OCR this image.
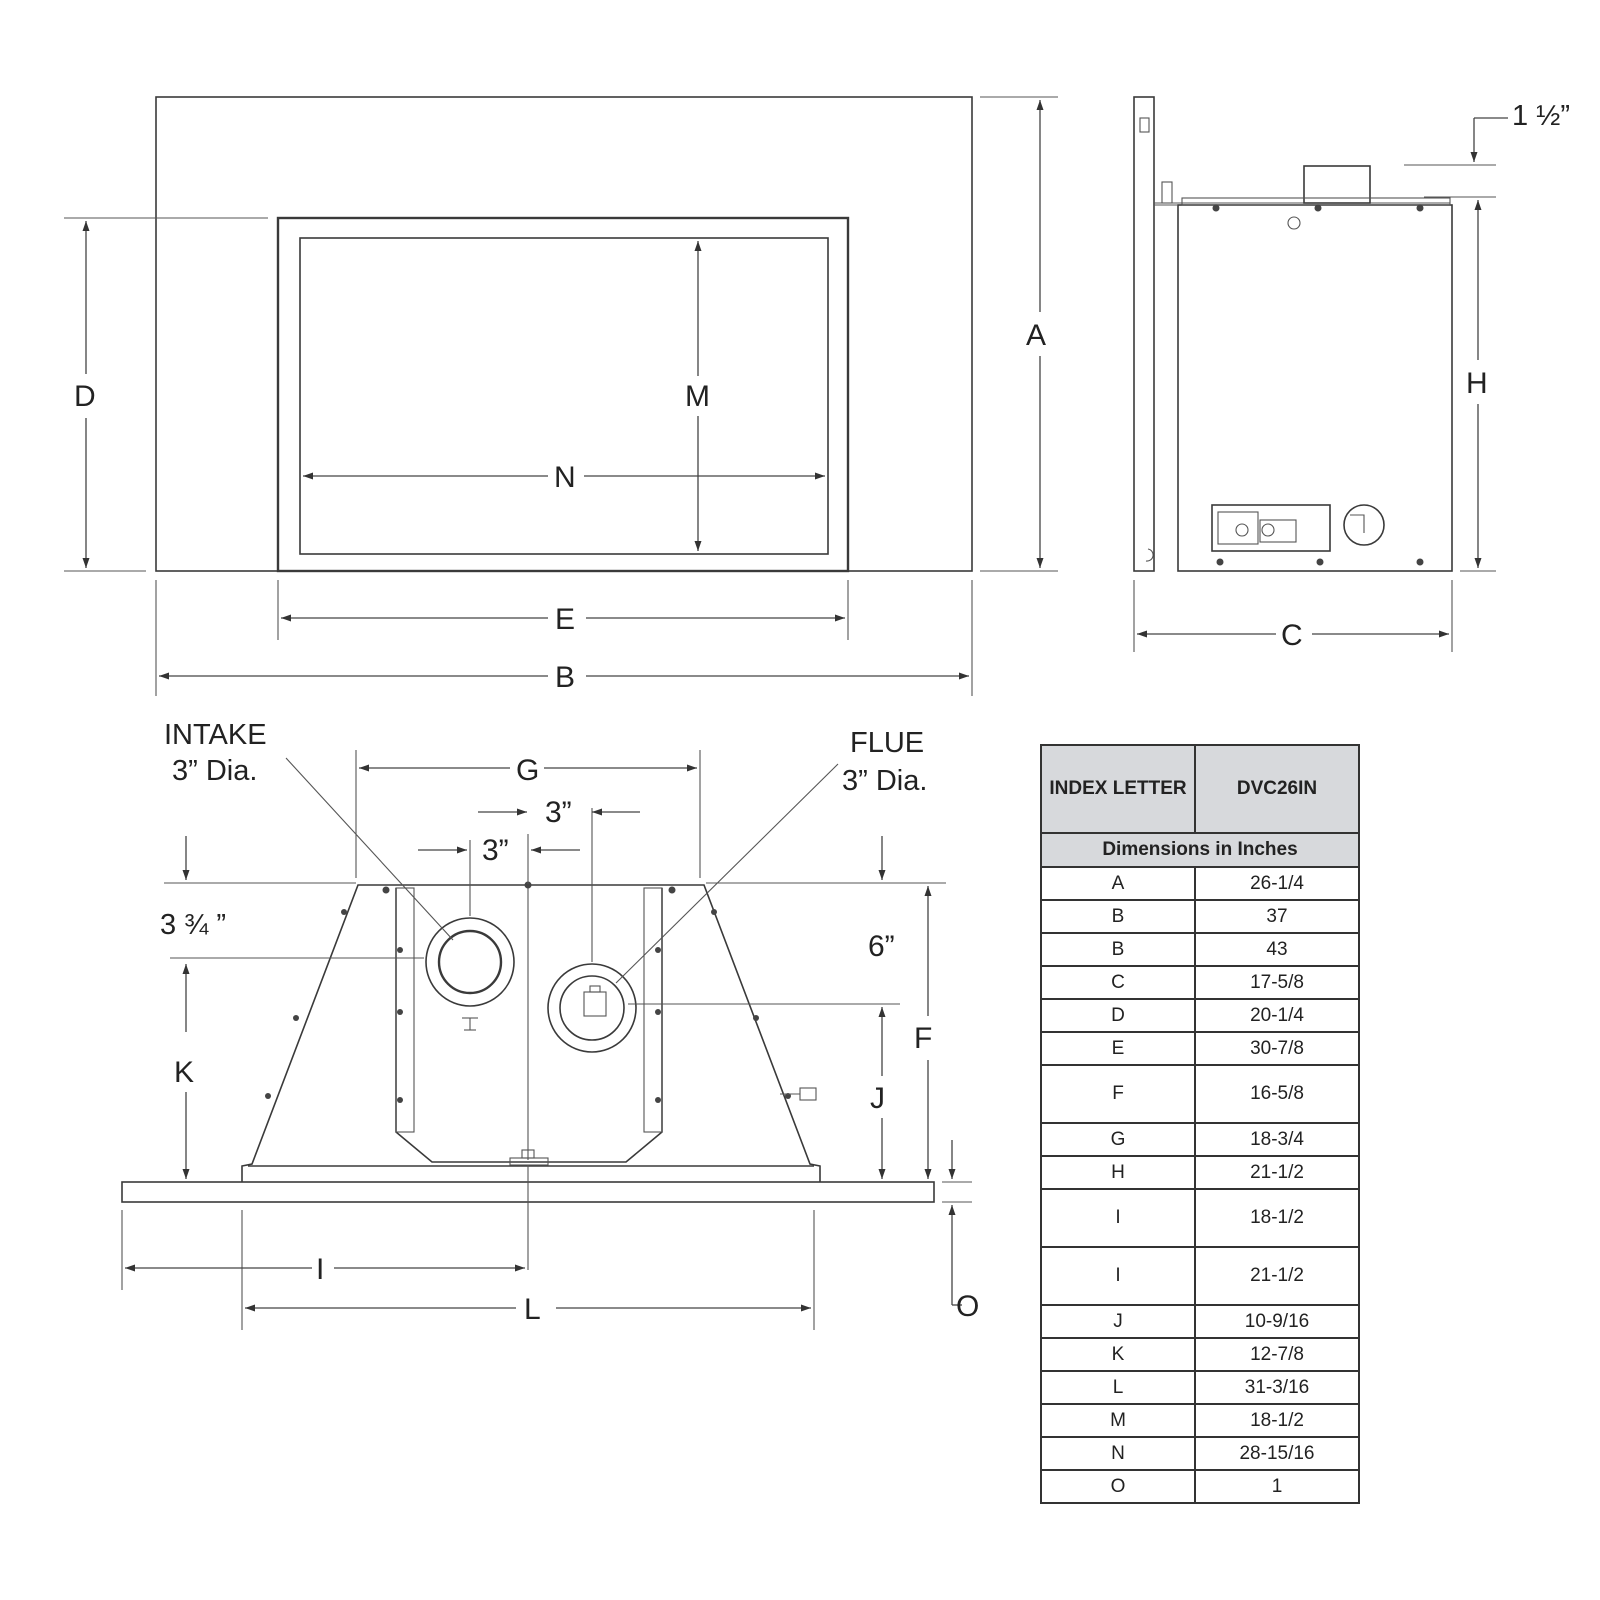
A
D	M
N
E
B
H
C
1 ½”
INTAKE
3” Dia.
FLUE
3” Dia.
G
3”
3”
3 ¾ ”
6”
F
J
K
I
L	O
INDEX LETTER	DVC26IN
Dimensions in Inches	
A	26-1/4
B	37
B	43
C	17-5/8
D	20-1/4
E	30-7/8
F	16-5/8
G	18-3/4
H	21-1/2
I	18-1/2
I	21-1/2
J	10-9/16
K	12-7/8
L	31-3/16
M	18-1/2
N	28-15/16
O	1
